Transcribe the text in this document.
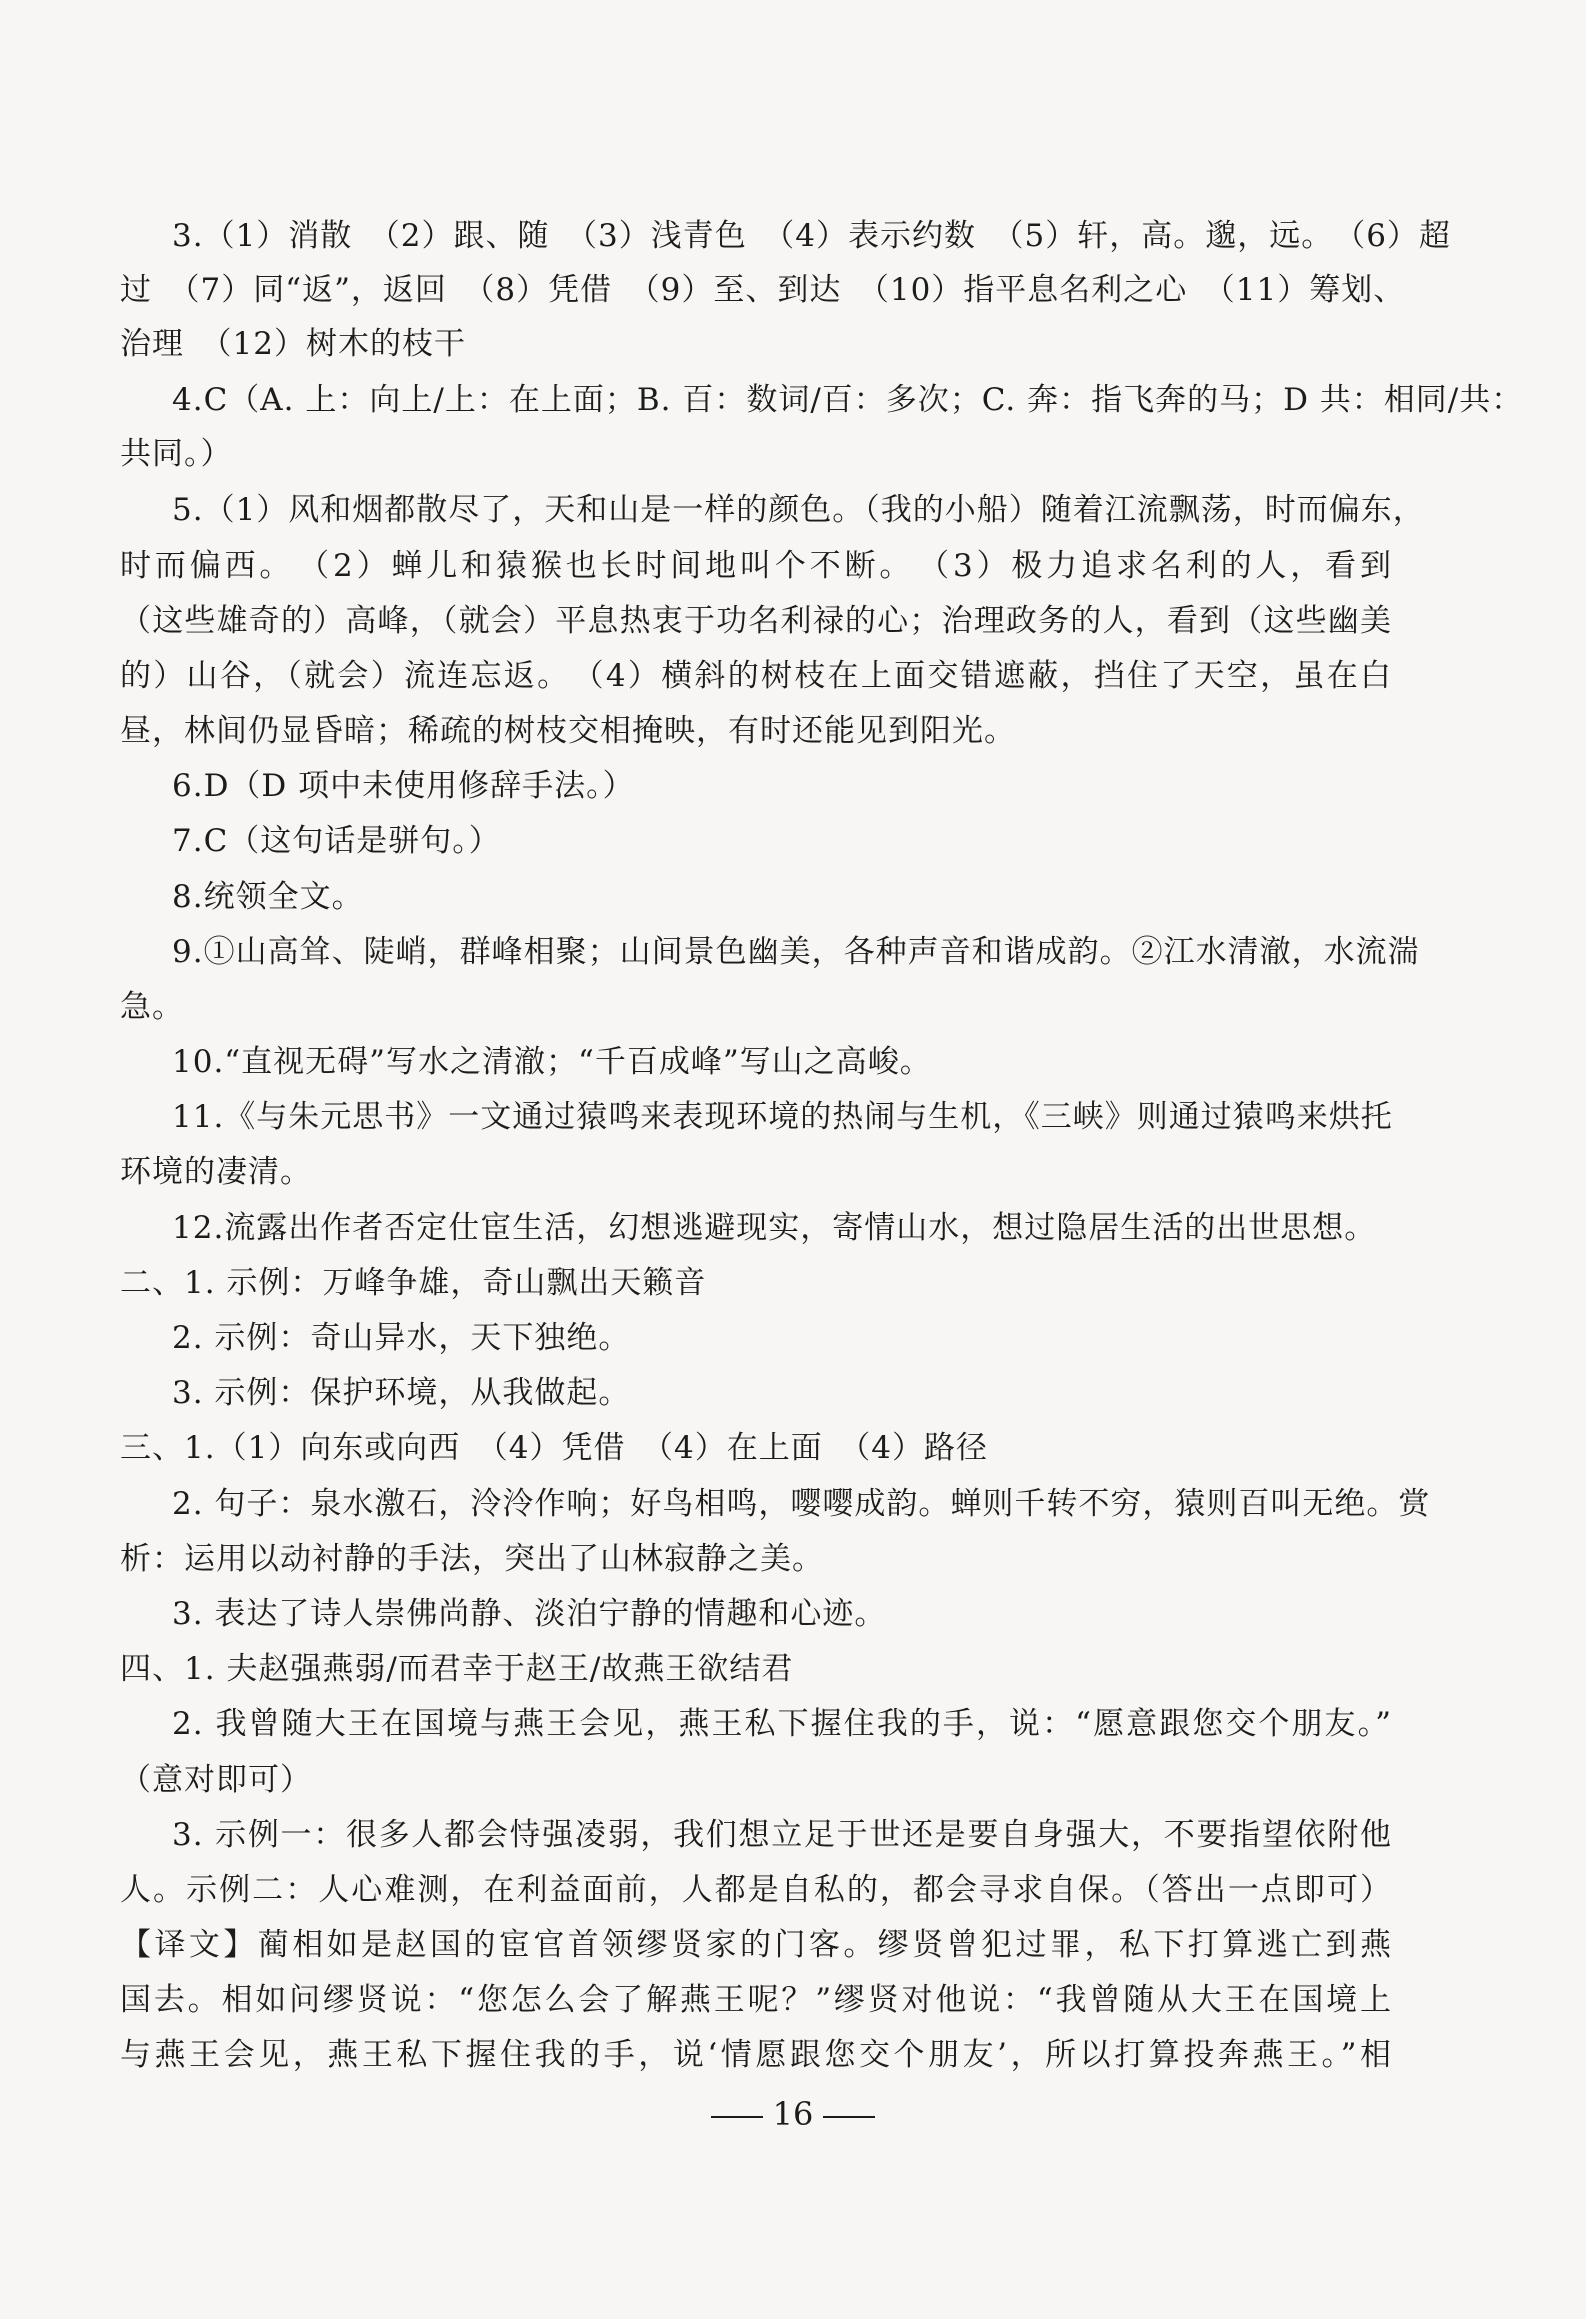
3.（1）消散　（2）跟、随　（3）浅青色　（4）表示约数　（5）轩，高。邈，远。　（6）超
过　（7）同“返”，返回　（8）凭借　（9）至、到达　（10）指平息名利之心　（11）筹划、
治理　（12）树木的枝干
4.C（A. 上：向上/上：在上面；B. 百：数词/百：多次；C. 奔：指飞奔的马；D 共：相同/共：
共同。）
5.（1）风和烟都散尽了，天和山是一样的颜色。（我的小船）随着江流飘荡，时而偏东，
时而偏西。　（2）蝉儿和猿猴也长时间地叫个不断。　（3）极力追求名利的人，看到
（这些雄奇的）高峰，（就会）平息热衷于功名利禄的心；治理政务的人，看到（这些幽美
的）山谷，（就会）流连忘返。　（4）横斜的树枝在上面交错遮蔽，挡住了天空，虽在白
昼，林间仍显昏暗；稀疏的树枝交相掩映，有时还能见到阳光。
6.D（D 项中未使用修辞手法。）
7.C（这句话是骈句。）
8.统领全文。
9.①山高耸、陡峭，群峰相聚；山间景色幽美，各种声音和谐成韵。②江水清澈，水流湍
急。
10.“直视无碍”写水之清澈；“千百成峰”写山之高峻。
11.《与朱元思书》一文通过猿鸣来表现环境的热闹与生机，《三峡》则通过猿鸣来烘托
环境的凄清。
12.流露出作者否定仕宦生活，幻想逃避现实，寄情山水，想过隐居生活的出世思想。
二、1. 示例：万峰争雄，奇山飘出天籁音
2. 示例：奇山异水，天下独绝。
3. 示例：保护环境，从我做起。
三、1.（1）向东或向西　（4）凭借　（4）在上面　（4）路径
2. 句子：泉水激石，泠泠作响；好鸟相鸣，嘤嘤成韵。蝉则千转不穷，猿则百叫无绝。赏
析：运用以动衬静的手法，突出了山林寂静之美。
3. 表达了诗人崇佛尚静、淡泊宁静的情趣和心迹。
四、1. 夫赵强燕弱/而君幸于赵王/故燕王欲结君
2. 我曾随大王在国境与燕王会见，燕王私下握住我的手，说：“愿意跟您交个朋友。”
（意对即可）
3. 示例一：很多人都会恃强凌弱，我们想立足于世还是要自身强大，不要指望依附他
人。示例二：人心难测，在利益面前，人都是自私的，都会寻求自保。（答出一点即可）
【译文】蔺相如是赵国的宦官首领缪贤家的门客。缪贤曾犯过罪，私下打算逃亡到燕
国去。相如问缪贤说：“您怎么会了解燕王呢？”缪贤对他说：“我曾随从大王在国境上
与燕王会见，燕王私下握住我的手，说‘情愿跟您交个朋友’，所以打算投奔燕王。”相
16
